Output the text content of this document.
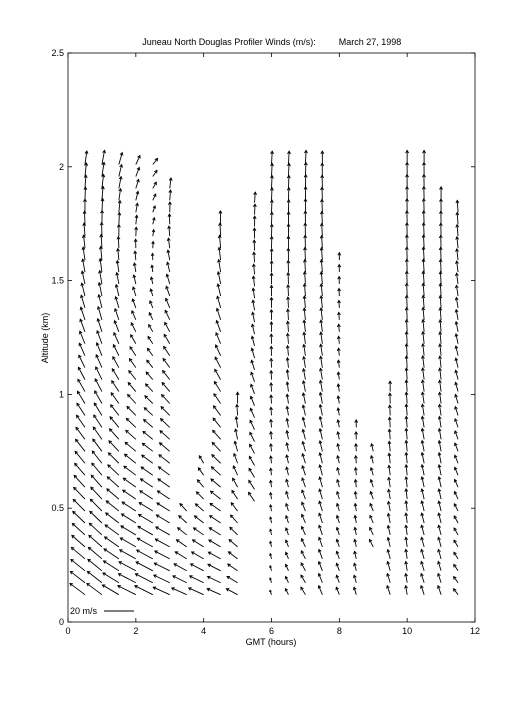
Juneau North Douglas Profiler Winds (m/s):	March 27, 1998
0	2	4	6	8	10	12
0
0.5
1
1.5
2
2.5
GMT (hours)
Altitude (km)
20 m/s
